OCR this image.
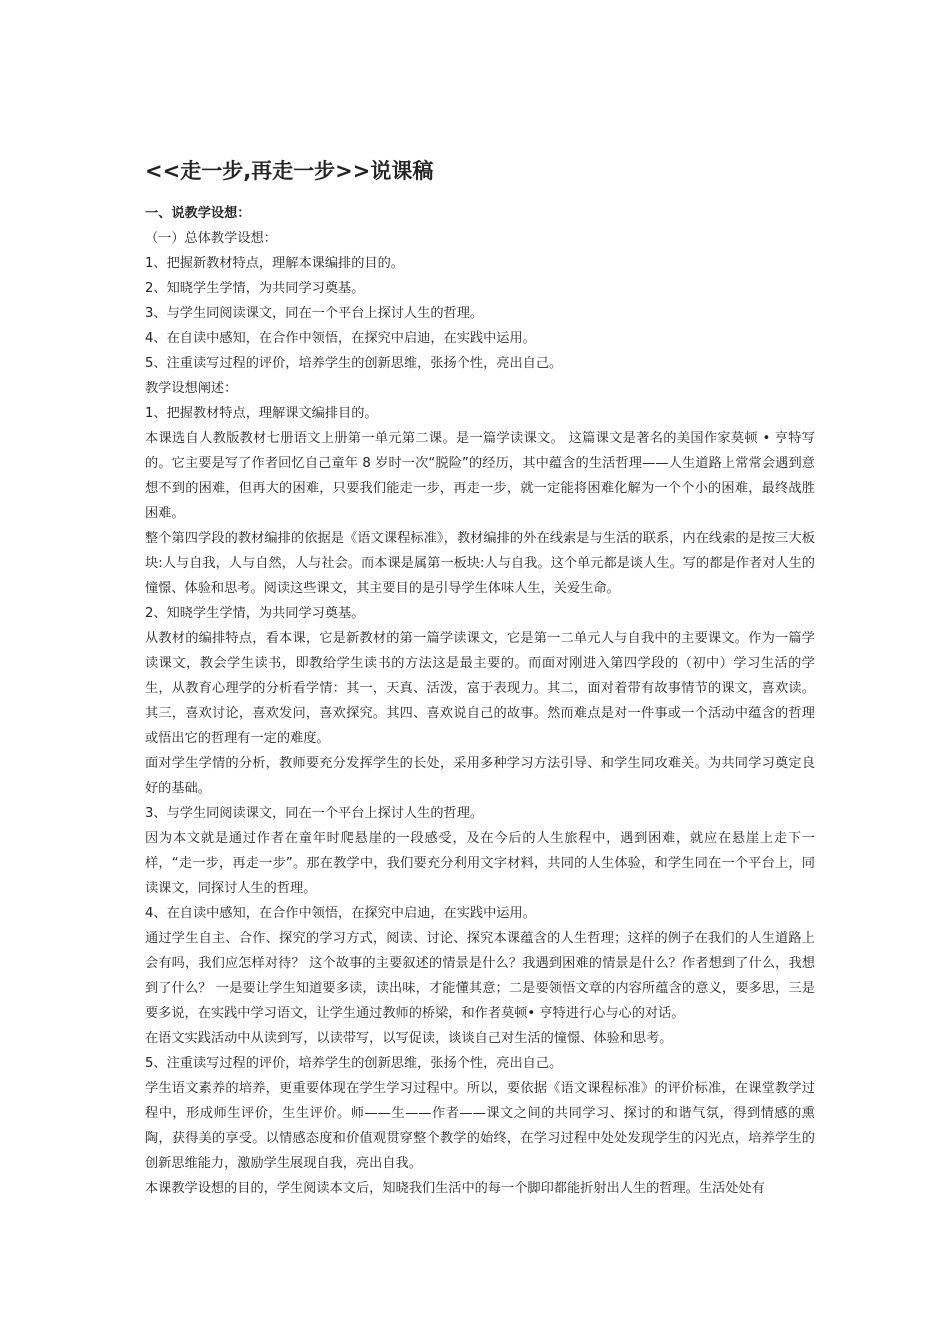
<<走一步,再走一步>>说课稿

一、说教学设想：

（一）总体教学设想：

1、把握新教材特点，理解本课编排的目的。

2、知晓学生学情，为共同学习奠基。

3、与学生同阅读课文，同在一个平台上探讨人生的哲理。

4、在自读中感知，在合作中领悟，在探究中启迪，在实践中运用。

5、注重读写过程的评价，培养学生的创新思维，张扬个性，亮出自己。

教学设想阐述：

1、把握教材特点，理解课文编排目的。

本课选自人教版教材七册语文上册第一单元第二课。是一篇学读课文。 这篇课文是著名的美国作家莫顿 • 亨特写的。它主要是写了作者回忆自己童年 8 岁时一次“脱险”的经历，其中蕴含的生活哲理——人生道路上常常会遇到意想不到的困难，但再大的困难，只要我们能走一步，再走一步，就一定能将困难化解为一个个小的困难，最终战胜困难。

整个第四学段的教材编排的依据是《语文课程标准》，教材编排的外在线索是与生活的联系，内在线索的是按三大板块:人与自我，人与自然，人与社会。而本课是属第一板块:人与自我。这个单元都是谈人生。写的都是作者对人生的憧憬、体验和思考。阅读这些课文，其主要目的是引导学生体味人生，关爱生命。

2、知晓学生学情，为共同学习奠基。

从教材的编排特点，看本课，它是新教材的第一篇学读课文，它是第一二单元人与自我中的主要课文。作为一篇学读课文，教会学生读书，即教给学生读书的方法这是最主要的。而面对刚进入第四学段的（初中）学习生活的学生，从教育心理学的分析看学情：其一，天真、活泼，富于表现力。其二，面对着带有故事情节的课文，喜欢读。其三，喜欢讨论，喜欢发问，喜欢探究。其四、喜欢说自己的故事。然而难点是对一件事或一个活动中蕴含的哲理或悟出它的哲理有一定的难度。

面对学生学情的分析，教师要充分发挥学生的长处，采用多种学习方法引导、和学生同攻难关。为共同学习奠定良好的基础。

3、与学生同阅读课文，同在一个平台上探讨人生的哲理。

因为本文就是通过作者在童年时爬悬崖的一段感受，及在今后的人生旅程中，遇到困难，就应在悬崖上走下一样，“走一步，再走一步”。那在教学中，我们要充分利用文字材料，共同的人生体验，和学生同在一个平台上，同读课文，同探讨人生的哲理。

4、在自读中感知，在合作中领悟，在探究中启迪，在实践中运用。

通过学生自主、合作、探究的学习方式，阅读、讨论、探究本课蕴含的人生哲理；这样的例子在我们的人生道路上会有吗，我们应怎样对待？ 这个故事的主要叙述的情景是什么？我遇到困难的情景是什么？作者想到了什么，我想到了什么？ 一是要让学生知道要多读，读出味，才能懂其意；二是要领悟文章的内容所蕴含的意义，要多思，三是要多说，在实践中学习语文，让学生通过教师的桥梁，和作者莫顿• 亨特进行心与心的对话。

在语文实践活动中从读到写，以读带写，以写促读，谈谈自己对生活的憧憬、体验和思考。

5、注重读写过程的评价，培养学生的创新思维，张扬个性，亮出自己。

学生语文素养的培养，更重要体现在学生学习过程中。所以，要依据《语文课程标准》的评价标准，在课堂教学过程中，形成师生评价，生生评价。师——生——作者——课文之间的共同学习、探讨的和谐气氛，得到情感的熏陶，获得美的享受。以情感态度和价值观贯穿整个教学的始终，在学习过程中处处发现学生的闪光点，培养学生的创新思维能力，激励学生展现自我，亮出自我。

本课教学设想的目的，学生阅读本文后，知晓我们生活中的每一个脚印都能折射出人生的哲理。生活处处有
